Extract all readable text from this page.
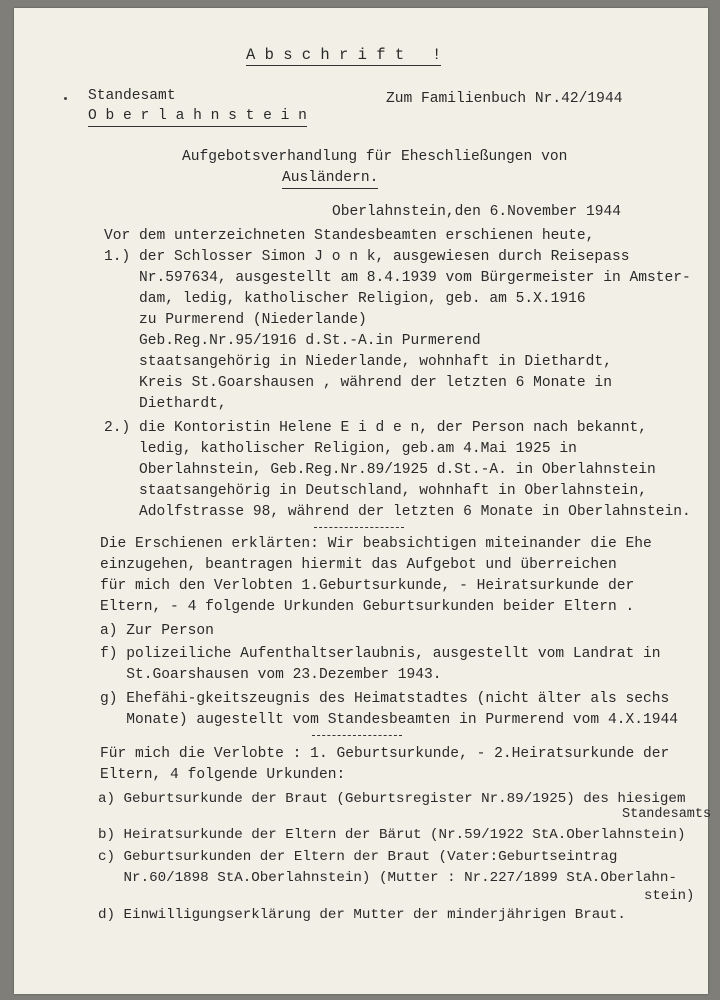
A b s c h r i f t   !
Standesamt
O b e r l a h n s t e i n
Zum Familienbuch Nr.42/1944
Aufgebotsverhandlung für Eheschließungen von
Ausländern.
Oberlahnstein,den 6.November 1944
Vor dem unterzeichneten Standesbeamten erschienen heute,
1.) der Schlosser Simon J o n k, ausgewiesen durch Reisepass
Nr.597634, ausgestellt am 8.4.1939 vom Bürgermeister in Amster-
dam, ledig, katholischer Religion, geb. am 5.X.1916
zu Purmerend (Niederlande)
Geb.Reg.Nr.95/1916 d.St.-A.in Purmerend
staatsangehörig in Niederlande, wohnhaft in Diethardt,
Kreis St.Goarshausen , während der letzten 6 Monate in
Diethardt,
2.) die Kontoristin Helene E i d e n, der Person nach bekannt,
ledig, katholischer Religion, geb.am 4.Mai 1925 in
Oberlahnstein, Geb.Reg.Nr.89/1925 d.St.-A. in Oberlahnstein
staatsangehörig in Deutschland, wohnhaft in Oberlahnstein,
Adolfstrasse 98, während der letzten 6 Monate in Oberlahnstein.
Die Erschienen erklärten: Wir beabsichtigen miteinander die Ehe
einzugehen, beantragen hiermit das Aufgebot und überreichen
für mich den Verlobten 1.Geburtsurkunde, - Heiratsurkunde der
Eltern, - 4 folgende Urkunden Geburtsurkunden beider Eltern .
a) Zur Person
f) polizeiliche Aufenthaltserlaubnis, ausgestellt vom Landrat in
St.Goarshausen vom 23.Dezember 1943.
g) Ehefähi-gkeitszeugnis des Heimatstadtes (nicht älter als sechs
Monate) augestellt vom Standesbeamten in Purmerend vom 4.X.1944
Für mich die Verlobte : 1. Geburtsurkunde, - 2.Heiratsurkunde der
Eltern, 4 folgende Urkunden:
a) Geburtsurkunde der Braut (Geburtsregister Nr.89/1925) des hiesigem
Standesamts
b) Heiratsurkunde der Eltern der Bärut (Nr.59/1922 StA.Oberlahnstein)
c) Geburtsurkunden der Eltern der Braut (Vater:Geburtseintrag
Nr.60/1898 StA.Oberlahnstein) (Mutter : Nr.227/1899 StA.Oberlahn-
stein)
d) Einwilligungserklärung der Mutter der minderjährigen Braut.
